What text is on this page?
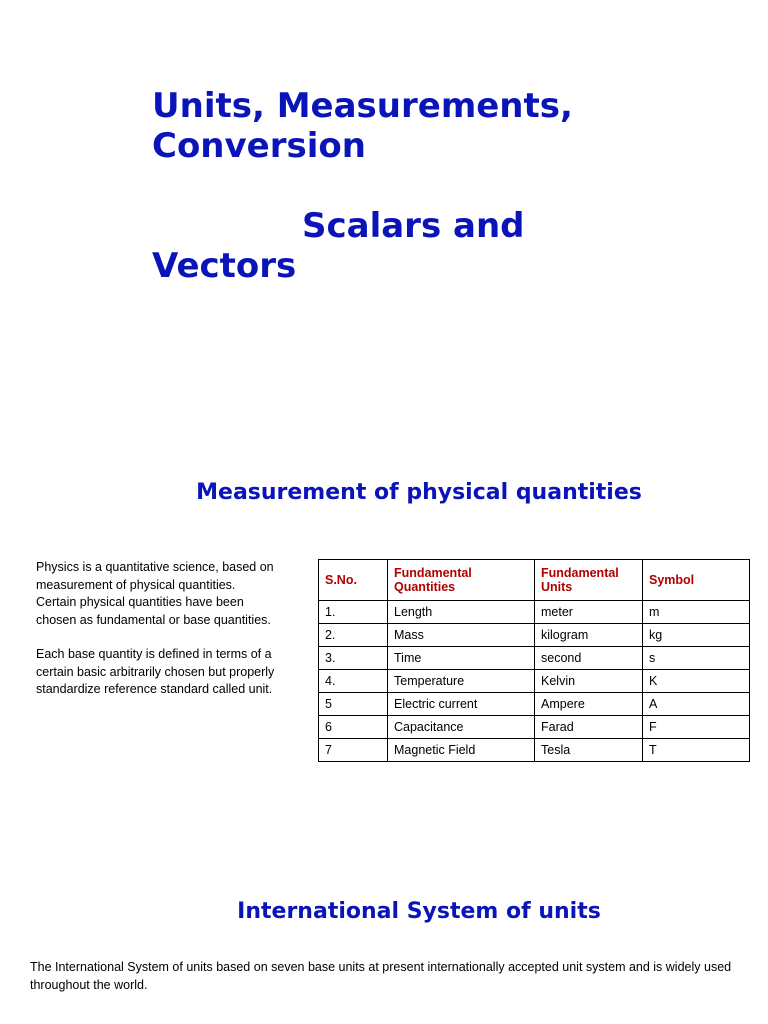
Units, Measurements,
Conversion
Scalars and
Vectors
Measurement of physical quantities

Physics is a quantitative science, based on measurement of physical quantities. Certain physical quantities have been chosen as fundamental or base quantities.

Each base quantity is defined in terms of a certain basic arbitrarily chosen but properly standardize reference standard called unit.

S.No.	Fundamental Quantities	Fundamental Units	Symbol
1.	Length	meter	m
2.	Mass	kilogram	kg
3.	Time	second	s
4.	Temperature	Kelvin	K
5	Electric current	Ampere	A
6	Capacitance	Farad	F
7	Magnetic Field	Tesla	T
International System of units
The International System of units based on seven base units at present internationally accepted unit system and is widely used throughout the world.
